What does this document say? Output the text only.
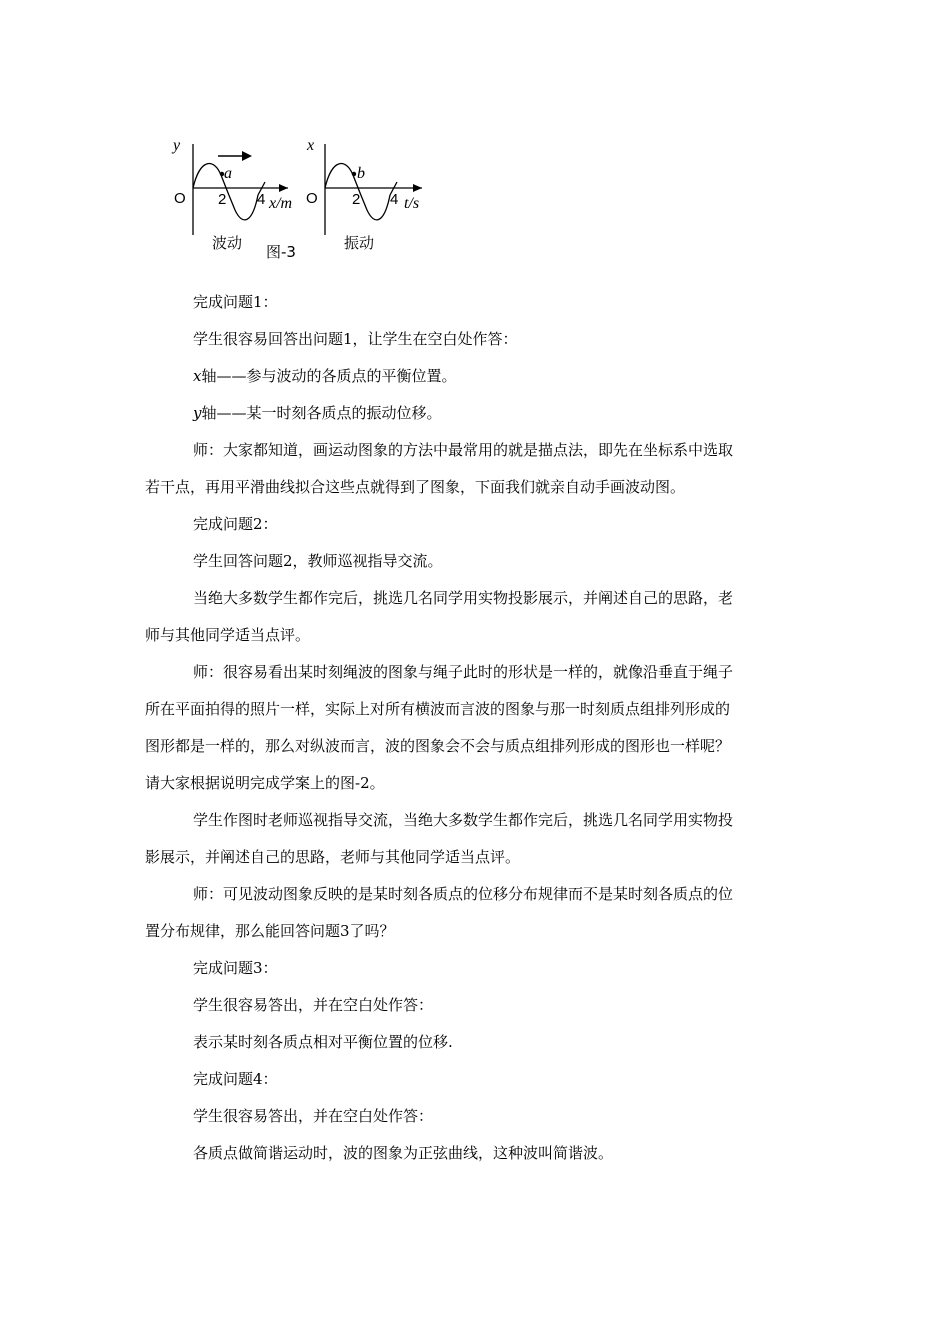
y
O
a
2 4 x/m
波动 图-3
x
O
b
2 4 t/s
振动

完成问题1：

学生很容易回答出问题1，让学生在空白处作答：

x轴——参与波动的各质点的平衡位置。

y轴——某一时刻各质点的振动位移。

师：大家都知道，画运动图象的方法中最常用的就是描点法，即先在坐标系中选取

若干点，再用平滑曲线拟合这些点就得到了图象，下面我们就亲自动手画波动图。

完成问题2：

学生回答问题2，教师巡视指导交流。

当绝大多数学生都作完后，挑选几名同学用实物投影展示，并阐述自己的思路，老

师与其他同学适当点评。

师：很容易看出某时刻绳波的图象与绳子此时的形状是一样的，就像沿垂直于绳子

所在平面拍得的照片一样，实际上对所有横波而言波的图象与那一时刻质点组排列形成的

图形都是一样的，那么对纵波而言，波的图象会不会与质点组排列形成的图形也一样呢？

请大家根据说明完成学案上的图-2。

学生作图时老师巡视指导交流，当绝大多数学生都作完后，挑选几名同学用实物投

影展示，并阐述自己的思路，老师与其他同学适当点评。

师：可见波动图象反映的是某时刻各质点的位移分布规律而不是某时刻各质点的位

置分布规律，那么能回答问题3了吗？

完成问题3：

学生很容易答出，并在空白处作答：

表示某时刻各质点相对平衡位置的位移.

完成问题4：

学生很容易答出，并在空白处作答：

各质点做简谐运动时，波的图象为正弦曲线，这种波叫简谐波。
